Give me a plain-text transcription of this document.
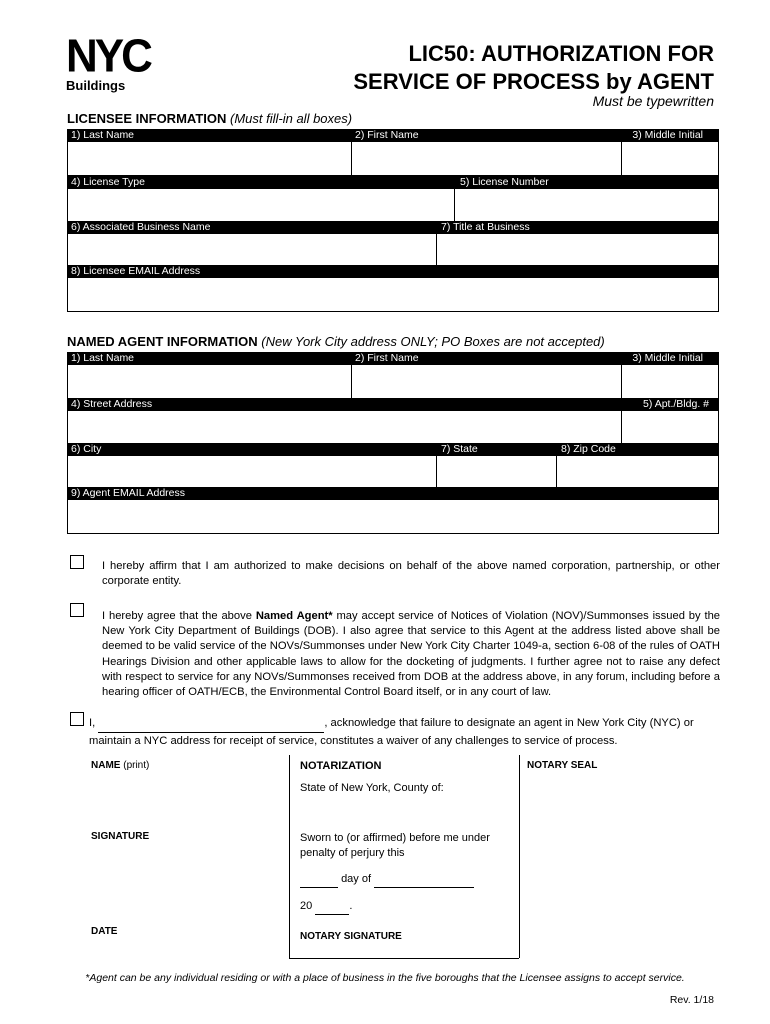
NYC
Buildings
LIC50: AUTHORIZATION FOR
SERVICE OF PROCESS by AGENT
Must be typewritten
LICENSEE INFORMATION (Must fill-in all boxes)
1) Last Name	2) First Name	3) Middle Initial
4) License Type	5) License Number
6) Associated Business Name	7) Title at Business
8) Licensee EMAIL Address
NAMED AGENT INFORMATION (New York City address ONLY; PO Boxes are not accepted)
1) Last Name	2) First Name	3) Middle Initial
4) Street Address	5) Apt./Bldg. #
6) City	7) State	8) Zip Code
9) Agent EMAIL Address
I hereby affirm that I am authorized to make decisions on behalf of the above named corporation, partnership, or other corporate entity.
I hereby agree that the above Named Agent* may accept service of Notices of Violation (NOV)/Summonses issued by the New York City Department of Buildings (DOB). I also agree that service to this Agent at the address listed above shall be deemed to be valid service of the NOVs/Summonses under New York City Charter 1049-a, section 6-08 of the rules of OATH Hearings Division and other applicable laws to allow for the docketing of judgments. I further agree not to raise any defect with respect to service for any NOVs/Summonses received from DOB at the address above, in any forum, including before a hearing officer of OATH/ECB, the Environmental Control Board itself, or in any court of law.
I,	, acknowledge that failure to designate an agent in New York City (NYC) or
maintain a NYC address for receipt of service, constitutes a waiver of any challenges to service of process.
NAME (print)
SIGNATURE
DATE
NOTARIZATION
State of New York, County of:
Sworn to (or affirmed) before me under
penalty of perjury this
day of
20	.
NOTARY SIGNATURE
NOTARY SEAL
*Agent can be any individual residing or with a place of business in the five boroughs that the Licensee assigns to accept service.
Rev. 1/18
